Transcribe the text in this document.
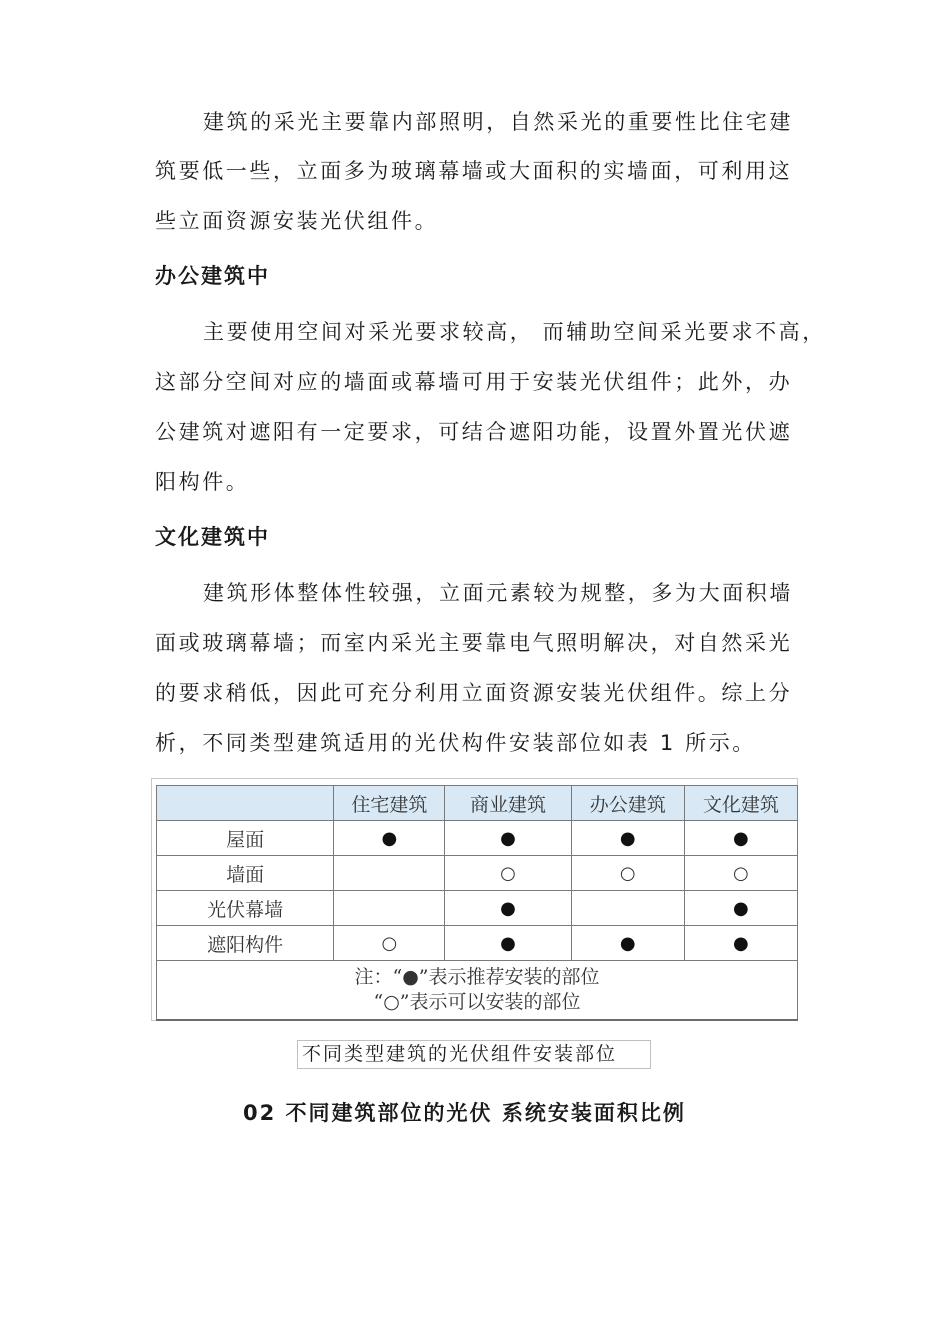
建筑的采光主要靠内部照明，自然采光的重要性比住宅建
筑要低一些，立面多为玻璃幕墙或大面积的实墙面，可利用这
些立面资源安装光伏组件。
办公建筑中
主要使用空间对采光要求较高， 而辅助空间采光要求不高，
这部分空间对应的墙面或幕墙可用于安装光伏组件；此外，办
公建筑对遮阳有一定要求，可结合遮阳功能，设置外置光伏遮
阳构件。
文化建筑中
建筑形体整体性较强，立面元素较为规整，多为大面积墙
面或玻璃幕墙；而室内采光主要靠电气照明解决，对自然采光
的要求稍低，因此可充分利用立面资源安装光伏组件。综上分
析，不同类型建筑适用的光伏构件安装部位如表 1 所示。
	住宅建筑	商业建筑	办公建筑	文化建筑
屋面	●	●	●	●
墙面		○	○	○
光伏幕墙		●		●
遮阳构件	○	●	●	●

注：“●”表示推荐安装的部位
“○”表示可以安装的部位				
不同类型建筑的光伏组件安装部位
02 不同建筑部位的光伏 系统安装面积比例
